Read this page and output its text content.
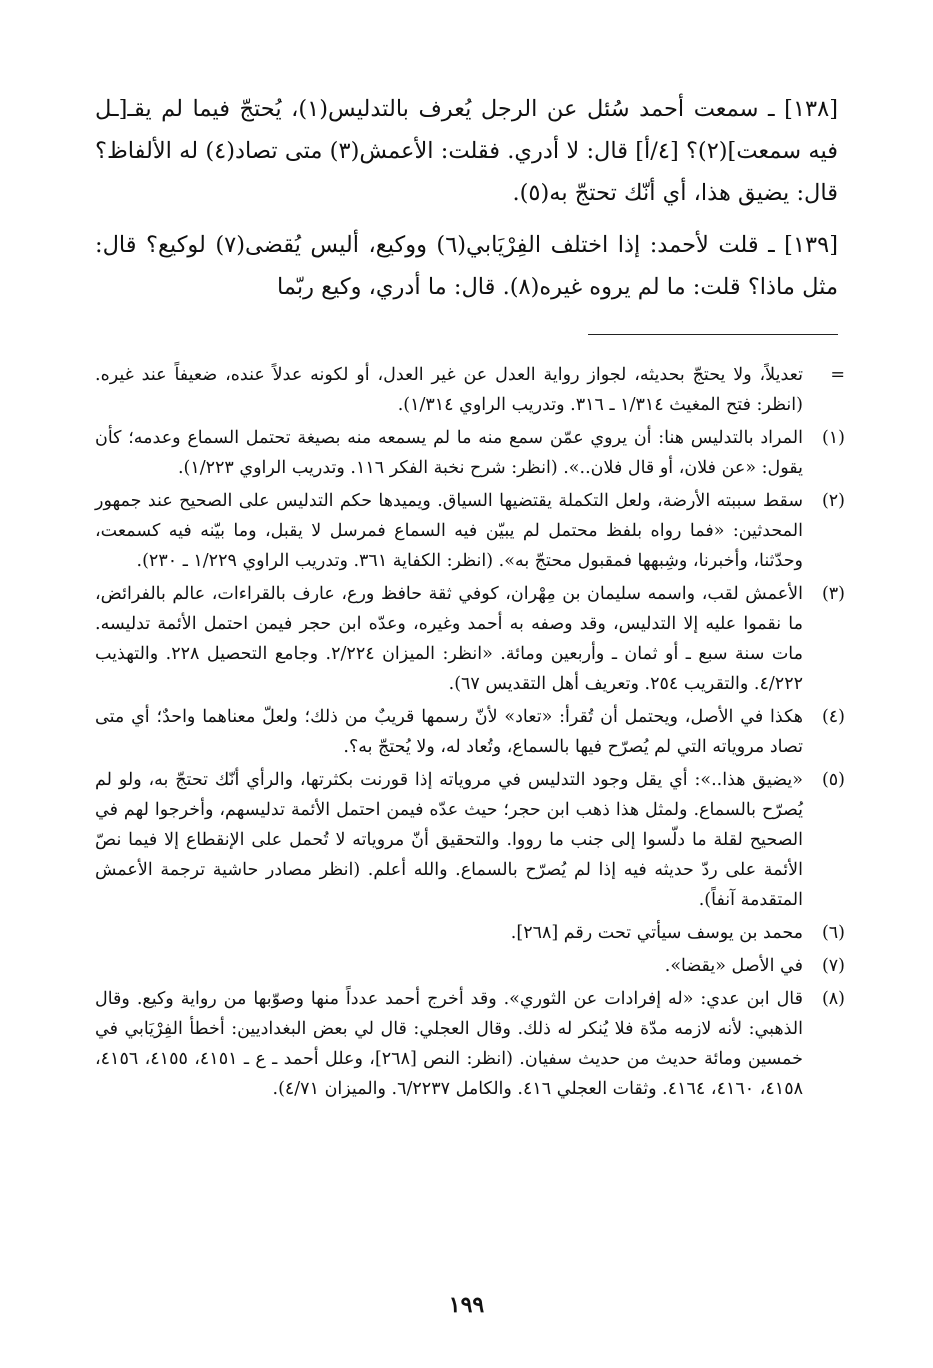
[١٣٨] ـ سمعت أحمد سُئل عن الرجل يُعرف بالتدليس(١)، يُحتجّ فيما لم يقـ[ـل فيه سمعت](٢)؟ [٤/أ] قال: لا أدري. فقلت: الأعمش(٣) متى تصاد(٤) له الألفاظ؟ قال: يضيق هذا، أي أنّك تحتجّ به(٥).

[١٣٩] ـ قلت لأحمد: إذا اختلف الفِرْيَابي(٦) ووكيع، أليس يُقضى(٧) لوكيع؟ قال: مثل ماذا؟ قلت: ما لم يروه غيره(٨). قال: ما أدري، وكيع ربّما

=
تعديلاً، ولا يحتجّ بحديثه، لجواز رواية العدل عن غير العدل، أو لكونه عدلاً عنده، ضعيفاً عند غيره. (انظر: فتح المغيث ١/٣١٤ ـ ٣١٦. وتدريب الراوي ١/٣١٤).
(١)
المراد بالتدليس هنا: أن يروي عمّن سمع منه ما لم يسمعه منه بصيغة تحتمل السماع وعدمه؛ كأن يقول: «عن فلان، أو قال فلان..». (انظر: شرح نخبة الفكر ١١٦. وتدريب الراوي ١/٢٢٣).
(٢)
سقط سببته الأرضة، ولعل التكملة يقتضيها السياق. ويميدها حكم التدليس على الصحيح عند جمهور المحدثين: «فما رواه بلفظ محتمل لم يبيّن فيه السماع فمرسل لا يقبل، وما بيّنه فيه كسمعت، وحدّثنا، وأخبرنا، وشِبهها فمقبول محتجّ به». (انظر: الكفاية ٣٦١. وتدريب الراوي ١/٢٢٩ ـ ٢٣٠).
(٣)
الأعمش لقب، واسمه سليمان بن مِهْران، كوفي ثقة حافظ ورع، عارف بالقراءات، عالم بالفرائض، ما نقموا عليه إلا التدليس، وقد وصفه به أحمد وغيره، وعدّه ابن حجر فيمن احتمل الأئمة تدليسه. مات سنة سبع ـ أو ثمان ـ وأربعين ومائة. «انظر: الميزان ٢/٢٢٤. وجامع التحصيل ٢٢٨. والتهذيب ٤/٢٢٢. والتقريب ٢٥٤. وتعريف أهل التقديس ٦٧).
(٤)
هكذا في الأصل، ويحتمل أن تُقرأ: «تعاد» لأنّ رسمها قريبٌ من ذلك؛ ولعلّ معناهما واحدٌ؛ أي متى تصاد مروياته التي لم يُصرّح فيها بالسماع، وتُعاد له، ولا يُحتجّ به؟.
(٥)
«يضيق هذا..»: أي يقل وجود التدليس في مروياته إذا قورنت بكثرتها، والرأي أنّك تحتجّ به، ولو لم يُصرّح بالسماع. ولمثل هذا ذهب ابن حجر؛ حيث عدّه فيمن احتمل الأئمة تدليسهم، وأخرجوا لهم في الصحيح لقلة ما دلّسوا إلى جنب ما رووا. والتحقيق أنّ مروياته لا تُحمل على الإنقطاع إلا فيما نصّ الأئمة على ردّ حديثه فيه إذا لم يُصرّح بالسماع. والله أعلم. (انظر مصادر حاشية ترجمة الأعمش المتقدمة آنفاً).
(٦)
محمد بن يوسف سيأتي تحت رقم [٢٦٨].
(٧)
في الأصل «يقضا».
(٨)
قال ابن عدي: «له إفرادات عن الثوري». وقد أخرج أحمد عدداً منها وصوّبها من رواية وكيع. وقال الذهبي: لأنه لازمه مدّة فلا يُنكر له ذلك. وقال العجلي: قال لي بعض البغداديين: أخطأ الفِرْيَابي في خمسين ومائة حديث من حديث سفيان. (انظر: النص [٢٦٨]، وعلل أحمد ـ ع ـ ٤١٥١، ٤١٥٥، ٤١٥٦، ٤١٥٨، ٤١٦٠، ٤١٦٤. وثقات العجلي ٤١٦. والكامل ٦/٢٢٣٧. والميزان ٤/٧١).
١٩٩
